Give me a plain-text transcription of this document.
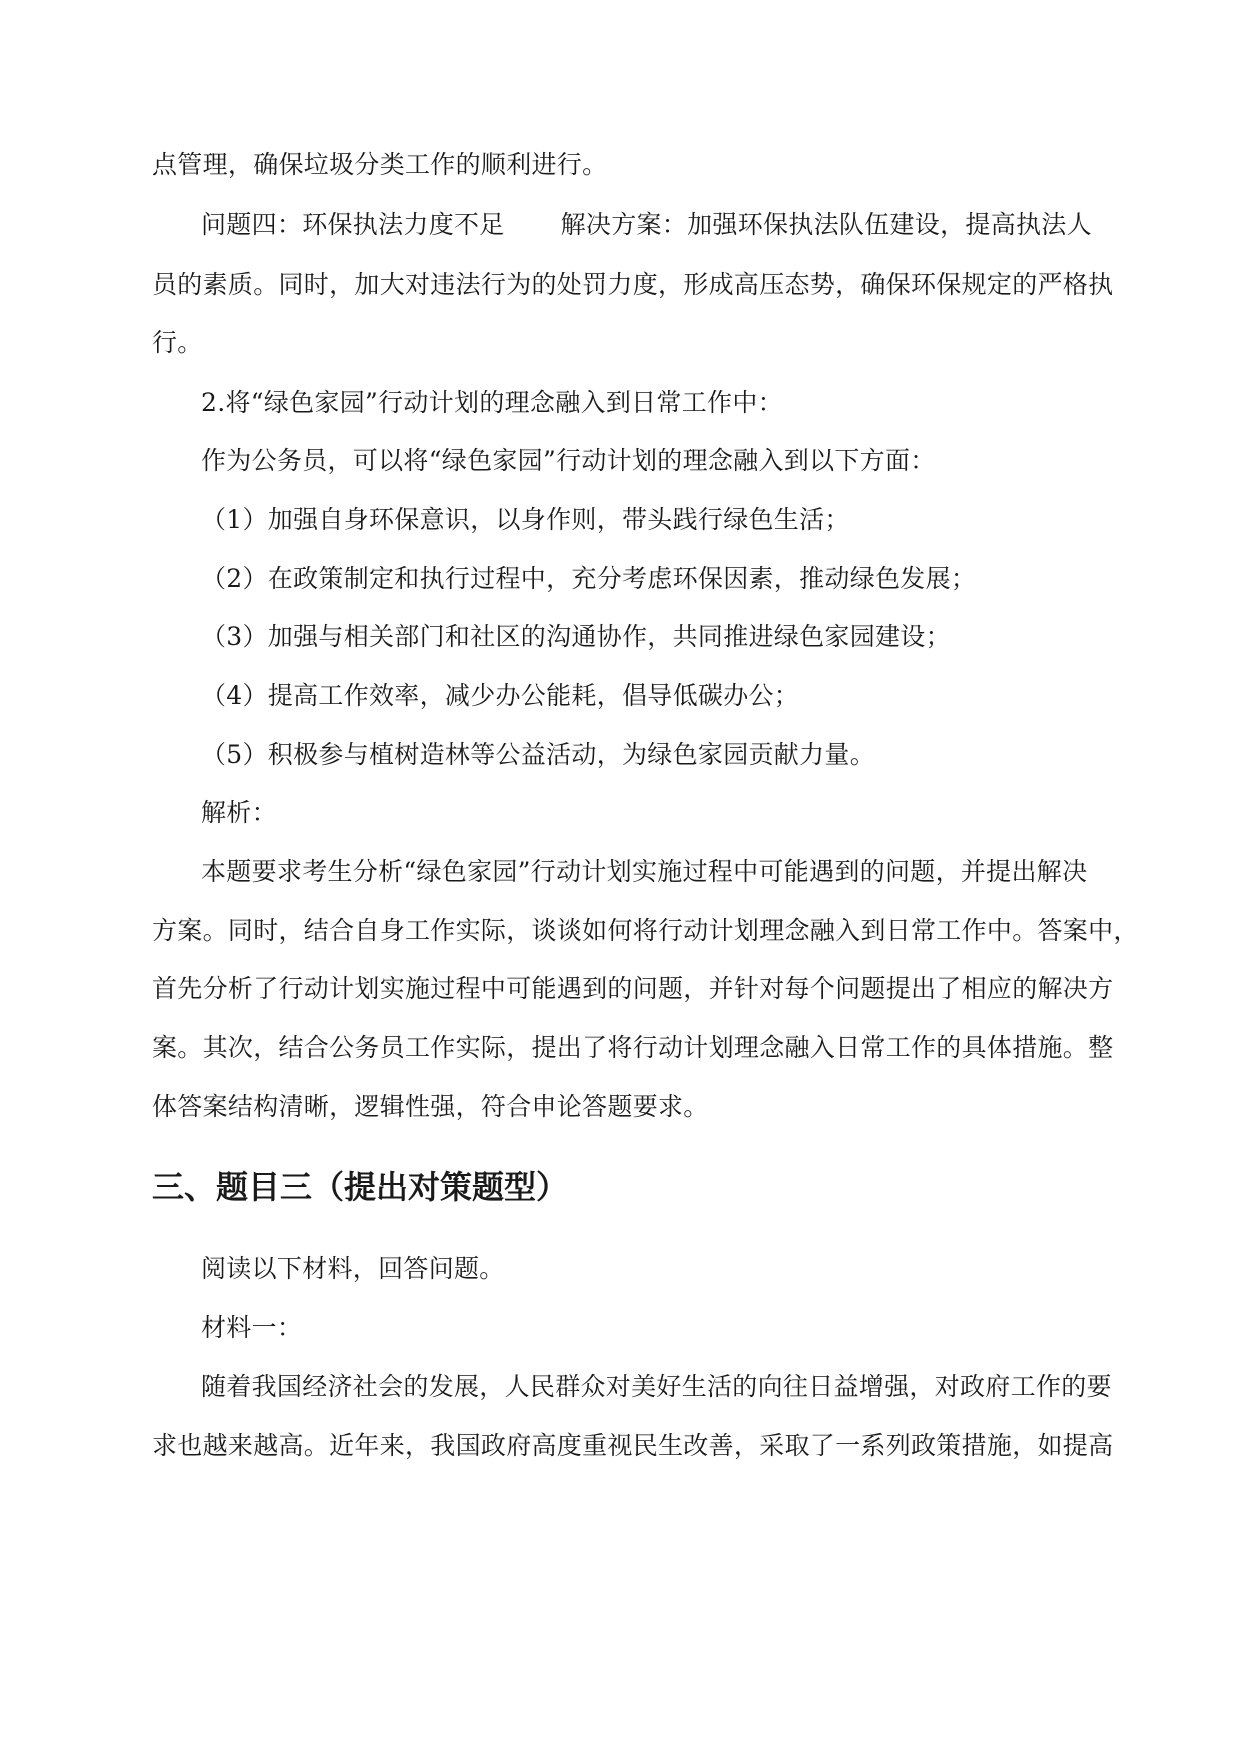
点管理，确保垃圾分类工作的顺利进行。
问题四：环保执法力度不足 解决方案：加强环保执法队伍建设，提高执法人
员的素质。同时，加大对违法行为的处罚力度，形成高压态势，确保环保规定的严格执
行。
2.将“绿色家园”行动计划的理念融入到日常工作中：
作为公务员，可以将“绿色家园”行动计划的理念融入到以下方面：
（1）加强自身环保意识，以身作则，带头践行绿色生活；
（2）在政策制定和执行过程中，充分考虑环保因素，推动绿色发展；
（3）加强与相关部门和社区的沟通协作，共同推进绿色家园建设；
（4）提高工作效率，减少办公能耗，倡导低碳办公；
（5）积极参与植树造林等公益活动，为绿色家园贡献力量。
解析：
本题要求考生分析“绿色家园”行动计划实施过程中可能遇到的问题，并提出解决
方案。同时，结合自身工作实际，谈谈如何将行动计划理念融入到日常工作中。答案中，
首先分析了行动计划实施过程中可能遇到的问题，并针对每个问题提出了相应的解决方
案。其次，结合公务员工作实际，提出了将行动计划理念融入日常工作的具体措施。整
体答案结构清晰，逻辑性强，符合申论答题要求。
三、题目三（提出对策题型）
阅读以下材料，回答问题。
材料一：
随着我国经济社会的发展，人民群众对美好生活的向往日益增强，对政府工作的要
求也越来越高。近年来，我国政府高度重视民生改善，采取了一系列政策措施，如提高
